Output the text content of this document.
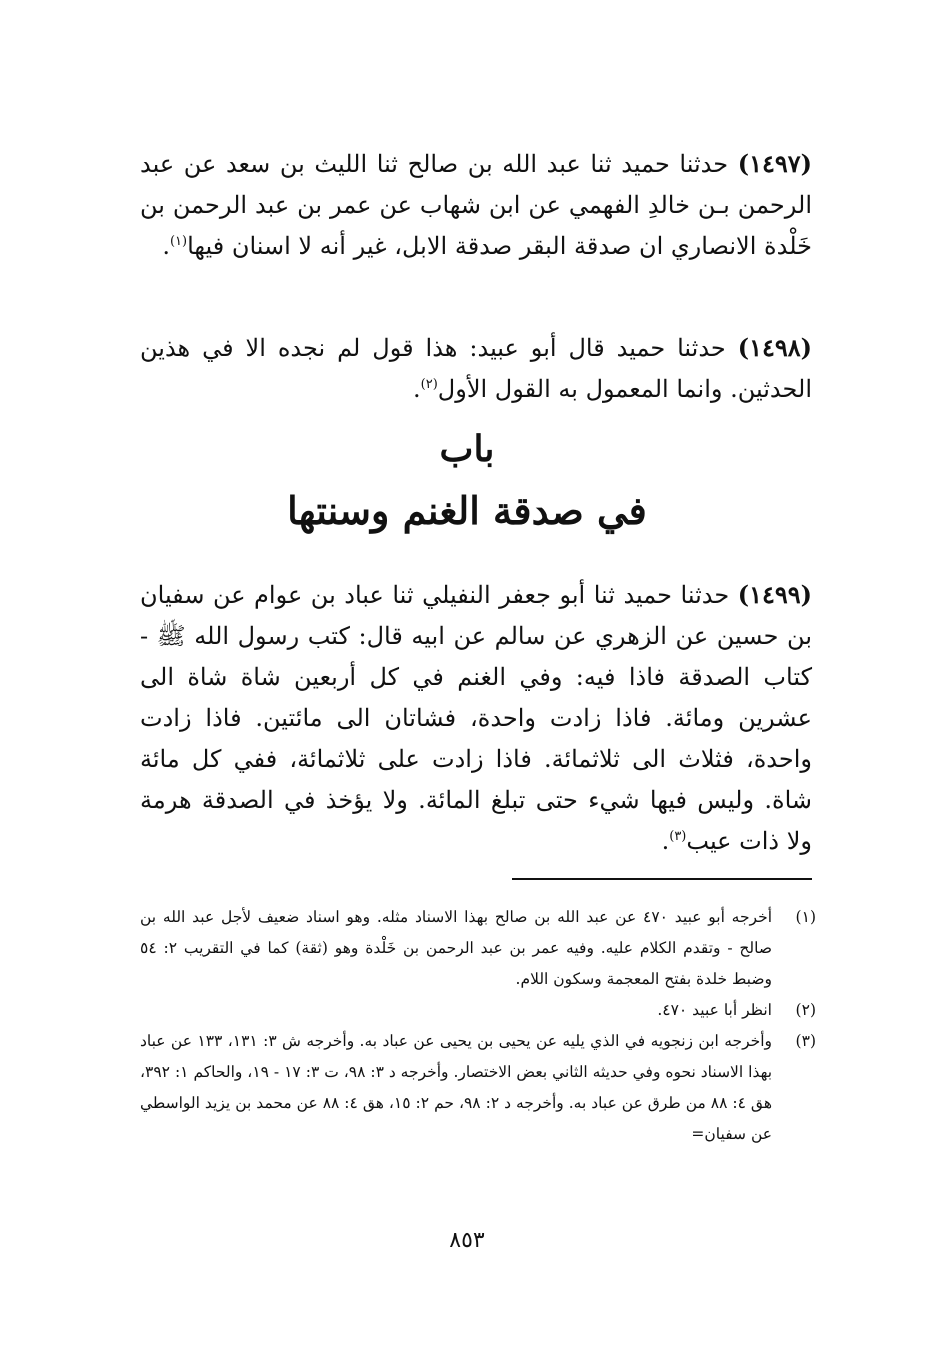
(١٤٩٧) حدثنا حميد ثنا عبد الله بن صالح ثنا الليث بن سعد عن عبد الرحمن بـن خالدِ الفهمي عن ابن شهاب عن عمر بن عبد الرحمن بن خَلْدة الانصاري ان صدقة البقر صدقة الابل، غير أنه لا اسنان فيها$^{(١)}$.

(١٤٩٨) حدثنا حميد قال أبو عبيد: هذا قول لم نجده الا في هذين الحدثين. وانما المعمول به القول الأول$^{(٢)}$.

باب
في صدقة الغنم وسنتها

(١٤٩٩) حدثنا حميد ثنا أبو جعفر النفيلي ثنا عباد بن عوام عن سفيان بن حسين عن الزهري عن سالم عن ابيه قال: كتب رسول الله ﷺ - كتاب الصدقة فاذا فيه: وفي الغنم في كل أربعين شاة شاة الى عشرين ومائة. فاذا زادت واحدة، فشاتان الى مائتين. فاذا زادت واحدة، فثلاث الى ثلاثمائة. فاذا زادت على ثلاثمائة، ففي كل مائة شاة. وليس فيها شيء حتى تبلغ المائة. ولا يؤخذ في الصدقة هرمة ولا ذات عيب$^{(٣)}$.

(١)
أخرجه أبو عبيد ٤٧٠ عن عبد الله بن صالح بهذا الاسناد مثله. وهو اسناد ضعيف لأجل عبد الله بن صالح - وتقدم الكلام عليه. وفيه عمر بن عبد الرحمن بن خَلْدة وهو (ثقة) كما في التقريب ٢: ٥٤ وضبط خلدة بفتح المعجمة وسكون اللام.
(٢)
انظر أبا عبيد ٤٧٠.
(٣)
وأخرجه ابن زنجويه في الذي يليه عن يحيى بن يحيى عن عباد به. وأخرجه ش ٣: ١٣١، ١٣٣ عن عباد بهذا الاسناد نحوه وفي حديثه الثاني بعض الاختصار. وأخرجه د ٣: ٩٨، ت ٣: ١٧ - ١٩، والحاكم ١: ٣٩٢، هق ٤: ٨٨ من طرق عن عباد به. وأخرجه د ٢: ٩٨، حم ٢: ١٥، هق ٤: ٨٨ عن محمد بن يزيد الواسطي عن سفيان=
٨٥٣
